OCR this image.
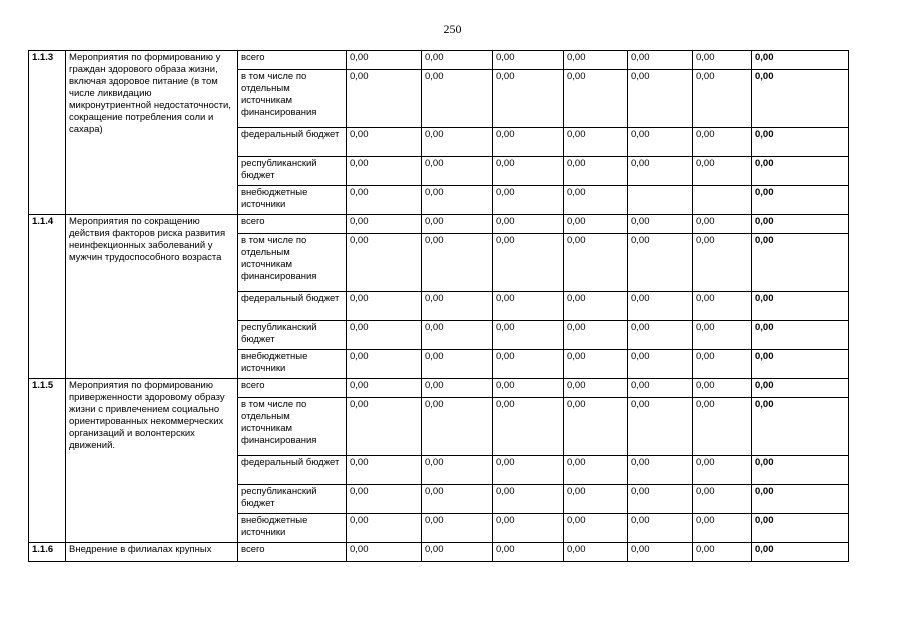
250
1.1.3	Мероприятия по формированию у граждан здорового образа жизни, включая здоровое питание (в том числе ликвидацию микронутриентной недостаточности, сокращение потребления соли и сахара)	всего	0,00	0,00	0,00	0,00	0,00	0,00	0,00
		в том числе по отдельным источникам финансирования	0,00	0,00	0,00	0,00	0,00	0,00	0,00
		федеральный бюджет	0,00	0,00	0,00	0,00	0,00	0,00	0,00
		республиканский бюджет	0,00	0,00	0,00	0,00	0,00	0,00	0,00
		внебюджетные источники	0,00	0,00	0,00	0,00			0,00
1.1.4	Мероприятия по сокращению действия факторов риска развития неинфекционных заболеваний у мужчин трудоспособного возраста	всего	0,00	0,00	0,00	0,00	0,00	0,00	0,00
		в том числе по отдельным источникам финансирования	0,00	0,00	0,00	0,00	0,00	0,00	0,00
		федеральный бюджет	0,00	0,00	0,00	0,00	0,00	0,00	0,00
		республиканский бюджет	0,00	0,00	0,00	0,00	0,00	0,00	0,00
		внебюджетные источники	0,00	0,00	0,00	0,00	0,00	0,00	0,00
1.1.5	Мероприятия по формированию приверженности здоровому образу жизни с привлечением социально ориентированных некоммерческих организаций и волонтерских движений.	всего	0,00	0,00	0,00	0,00	0,00	0,00	0,00
		в том числе по отдельным источникам финансирования	0,00	0,00	0,00	0,00	0,00	0,00	0,00
		федеральный бюджет	0,00	0,00	0,00	0,00	0,00	0,00	0,00
		республиканский бюджет	0,00	0,00	0,00	0,00	0,00	0,00	0,00
		внебюджетные источники	0,00	0,00	0,00	0,00	0,00	0,00	0,00
1.1.6	Внедрение в филиалах крупных	всего	0,00	0,00	0,00	0,00	0,00	0,00	0,00
